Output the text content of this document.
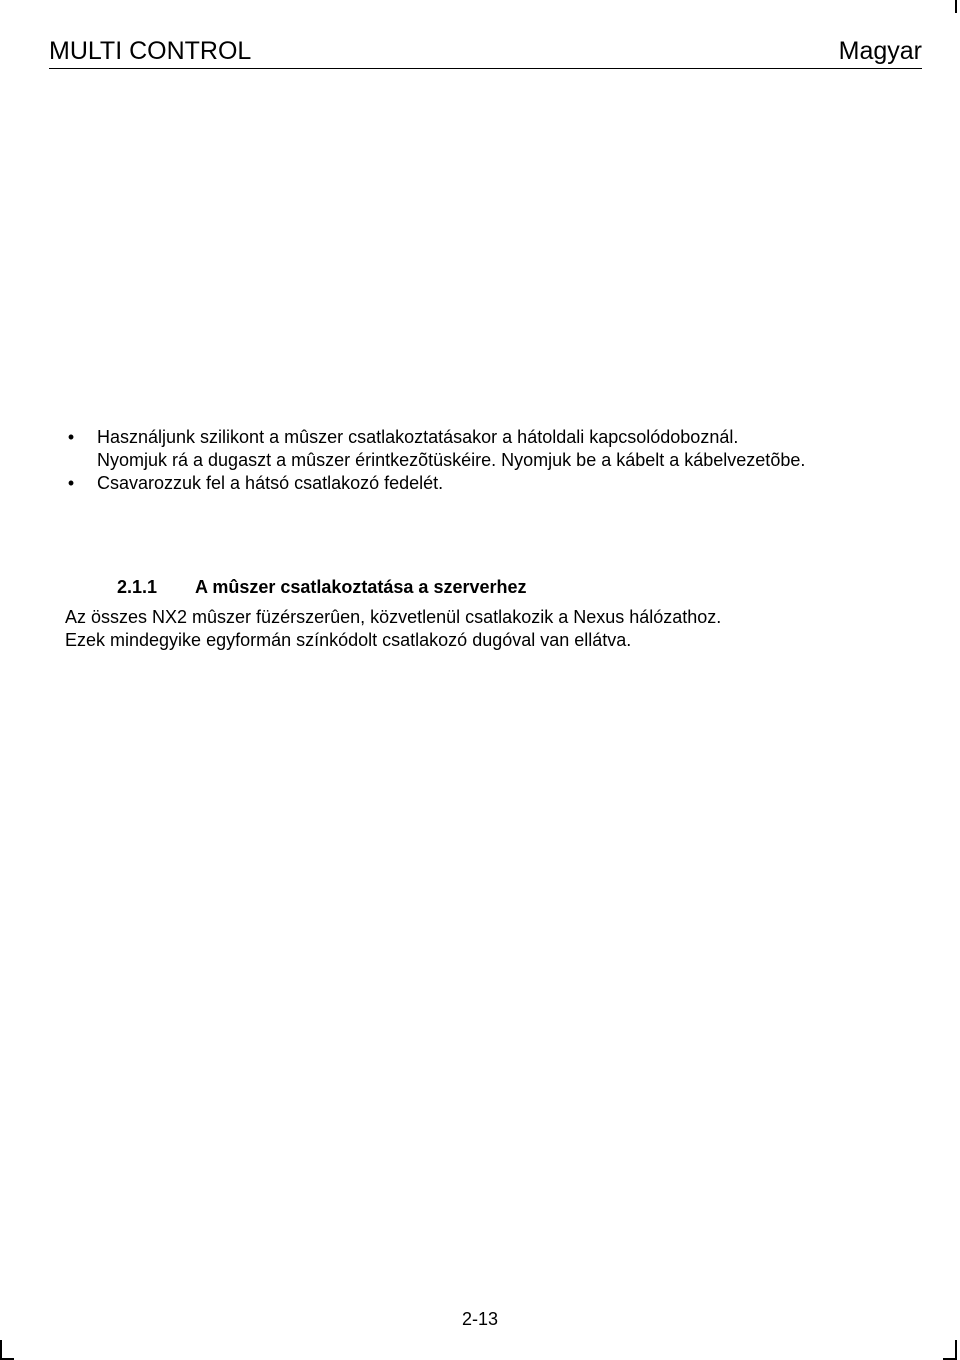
MULTI CONTROL	Magyar
• Használjunk szilikont a mûszer csatlakoztatásakor a hátoldali kapcsolódoboznál.
Nyomjuk rá a dugaszt a mûszer érintkezõtüskéire. Nyomjuk be a kábelt a kábelvezetõbe.
• Csavarozzuk fel a hátsó csatlakozó fedelét.
2.1.1 A mûszer csatlakoztatása a szerverhez

Az összes NX2 mûszer füzérszerûen, közvetlenül csatlakozik a Nexus hálózathoz.
Ezek mindegyike egyformán színkódolt csatlakozó dugóval van ellátva.

2-13
